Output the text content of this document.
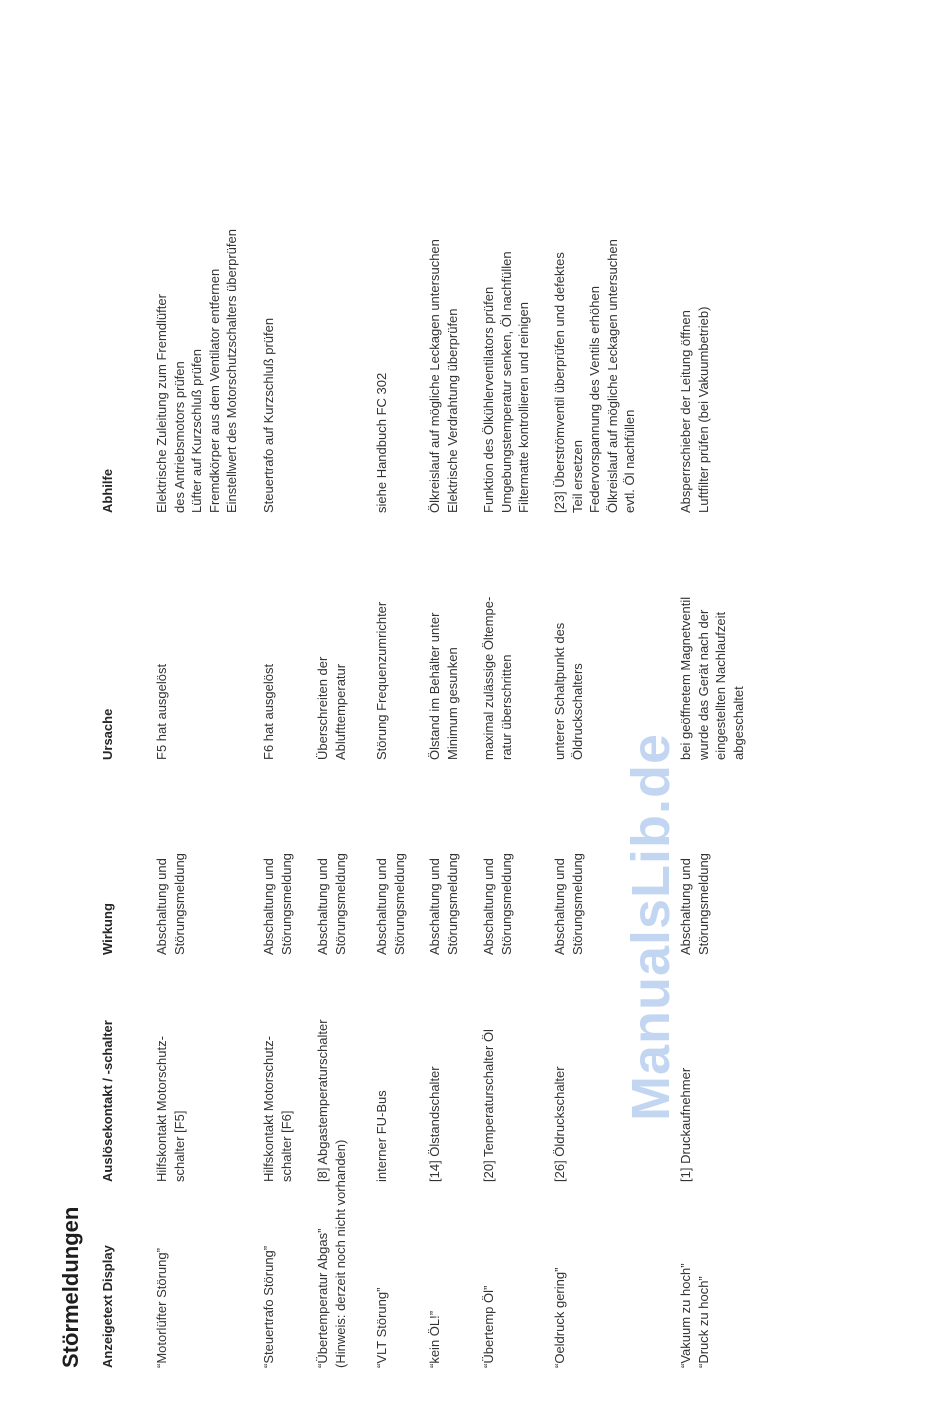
Störmeldungen Anzeigetext Display
Auslösekontakt / -schalter
Wirkung
Ursache
Abhilfe
“Motorlüfter Störung”
Hilfskontakt Motorschutz- schalter [F5]
Abschaltung und Störungsmeldung
F5 hat ausgelöst
Elektrische Zuleitung zum Fremdlüfter des Antriebsmotors prüfen Lüfter auf Kurzschluß prüfen Fremdkörper aus dem Ventilator entfernen Einstellwert des Motorschutzschalters überprüfen
“Steuertrafo Störung”
Hilfskontakt Motorschutz- schalter [F6]
Abschaltung und Störungsmeldung
F6 hat ausgelöst
Steuertrafo auf Kurzschluß prüfen
“Übertemperatur Abgas” (Hinweis: derzeit noch nicht vorhanden)
[8] Abgastemperaturschalter
Abschaltung und Störungsmeldung
Überschreiten der Ablufttemperatur
“VLT Störung”
interner FU-Bus
Abschaltung und Störungsmeldung
Störung Frequenzumrichter
siehe Handbuch FC 302
“kein ÖL!”
[14] Ölstandschalter
Abschaltung und Störungsmeldung
Ölstand im Behälter unter Minimum gesunken
Ölkreislauf auf mögliche Leckagen untersuchen Elektrische Verdrahtung überprüfen
“Übertemp Öl”
[20] Temperaturschalter Öl
Abschaltung und Störungsmeldung
maximal zulässige Öltempe- ratur überschritten
Funktion des Ölkühlerventilators prüfen Umgebungstemperatur senken, Öl nachfüllen Filtermatte kontrollieren und reinigen
“Oeldruck gering”
[26] Öldruckschalter
Abschaltung und Störungsmeldung
unterer Schaltpunkt des Öldruckschalters
[23] Überströmventil überprüfen und defektes Teil ersetzen Federvorspannung des Ventils erhöhen Ölkreislauf auf mögliche Leckagen untersuchen evtl. Öl nachfüllen
“Vakuum zu hoch” “Druck zu hoch”
[1] Druckaufnehmer
Abschaltung und Störungsmeldung
bei geöffnetem Magnetventil wurde das Gerät nach der eingestellten Nachlaufzeit abgeschaltet
Absperrschieber der Leitung öffnen Luftfilter prüfen (bei Vakuumbetrieb)
ManualsLib.de
